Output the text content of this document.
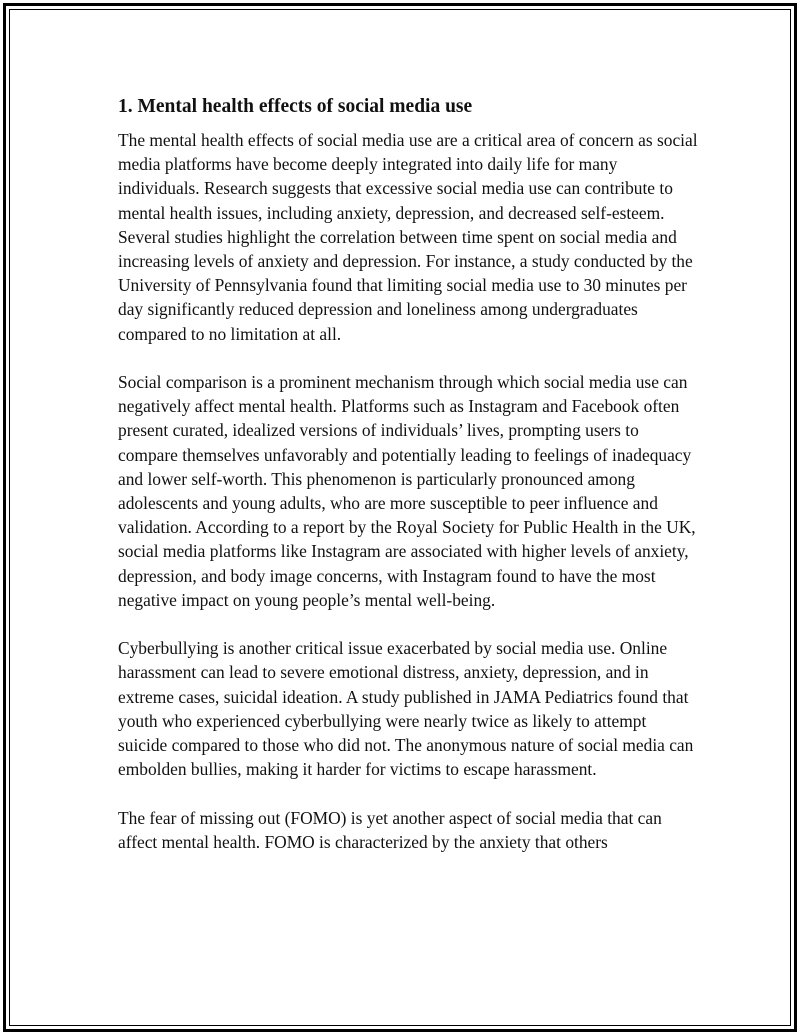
1. Mental health effects of social media use

The mental health effects of social media use are a critical area of concern as social media platforms have become deeply integrated into daily life for many individuals. Research suggests that excessive social media use can contribute to mental health issues, including anxiety, depression, and decreased self-esteem. Several studies highlight the correlation between time spent on social media and increasing levels of anxiety and depression. For instance, a study conducted by the University of Pennsylvania found that limiting social media use to 30 minutes per day significantly reduced depression and loneliness among undergraduates compared to no limitation at all.

Social comparison is a prominent mechanism through which social media use can negatively affect mental health. Platforms such as Instagram and Facebook often present curated, idealized versions of individuals’ lives, prompting users to compare themselves unfavorably and potentially leading to feelings of inadequacy and lower self-worth. This phenomenon is particularly pronounced among adolescents and young adults, who are more susceptible to peer influence and validation. According to a report by the Royal Society for Public Health in the UK, social media platforms like Instagram are associated with higher levels of anxiety, depression, and body image concerns, with Instagram found to have the most negative impact on young people’s mental well-being.

Cyberbullying is another critical issue exacerbated by social media use. Online harassment can lead to severe emotional distress, anxiety, depression, and in extreme cases, suicidal ideation. A study published in JAMA Pediatrics found that youth who experienced cyberbullying were nearly twice as likely to attempt suicide compared to those who did not. The anonymous nature of social media can embolden bullies, making it harder for victims to escape harassment.

The fear of missing out (FOMO) is yet another aspect of social media that can affect mental health. FOMO is characterized by the anxiety that others
